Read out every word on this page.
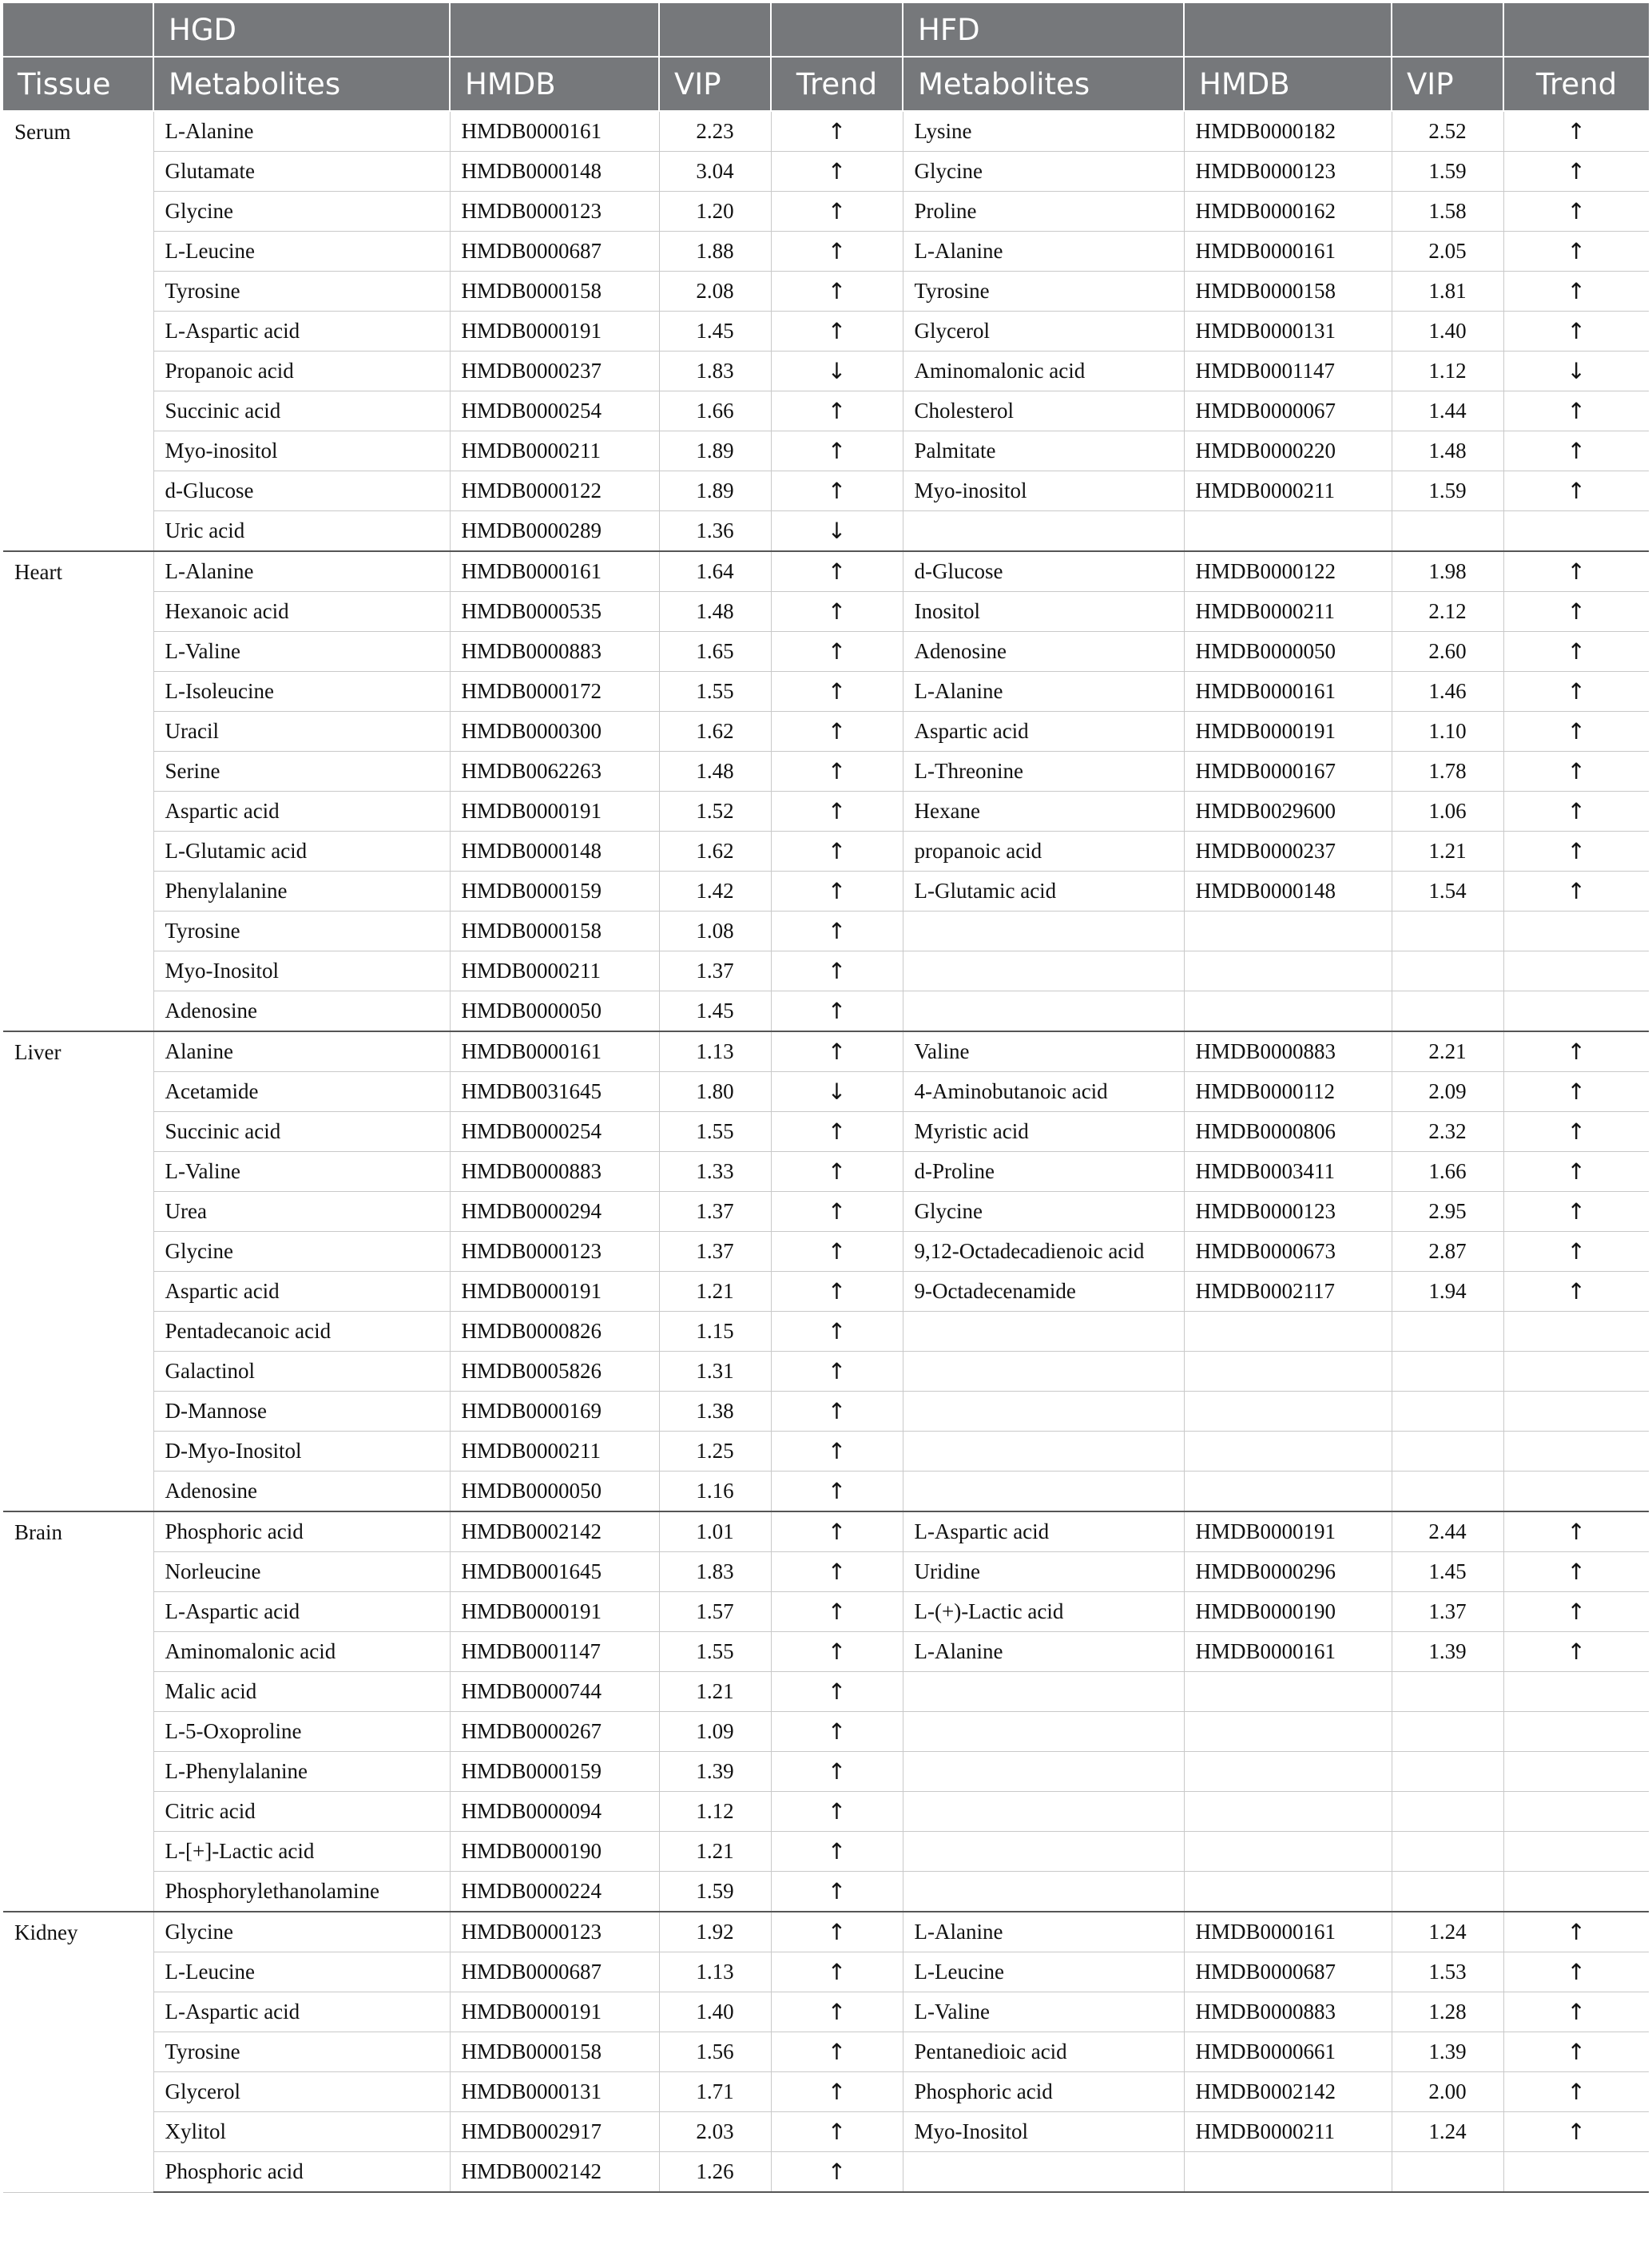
	HGD				HFD			
Tissue	Metabolites	HMDB	VIP	Trend	Metabolites	HMDB	VIP	Trend
Serum	L-Alanine	HMDB0000161	2.23	↑	Lysine	HMDB0000182	2.52	↑
	Glutamate	HMDB0000148	3.04	↑	Glycine	HMDB0000123	1.59	↑
	Glycine	HMDB0000123	1.20	↑	Proline	HMDB0000162	1.58	↑
	L-Leucine	HMDB0000687	1.88	↑	L-Alanine	HMDB0000161	2.05	↑
	Tyrosine	HMDB0000158	2.08	↑	Tyrosine	HMDB0000158	1.81	↑
	L-Aspartic acid	HMDB0000191	1.45	↑	Glycerol	HMDB0000131	1.40	↑
	Propanoic acid	HMDB0000237	1.83	↓	Aminomalonic acid	HMDB0001147	1.12	↓
	Succinic acid	HMDB0000254	1.66	↑	Cholesterol	HMDB0000067	1.44	↑
	Myo-inositol	HMDB0000211	1.89	↑	Palmitate	HMDB0000220	1.48	↑
	d-Glucose	HMDB0000122	1.89	↑	Myo-inositol	HMDB0000211	1.59	↑
	Uric acid	HMDB0000289	1.36	↓				
Heart	L-Alanine	HMDB0000161	1.64	↑	d-Glucose	HMDB0000122	1.98	↑
	Hexanoic acid	HMDB0000535	1.48	↑	Inositol	HMDB0000211	2.12	↑
	L-Valine	HMDB0000883	1.65	↑	Adenosine	HMDB0000050	2.60	↑
	L-Isoleucine	HMDB0000172	1.55	↑	L-Alanine	HMDB0000161	1.46	↑
	Uracil	HMDB0000300	1.62	↑	Aspartic acid	HMDB0000191	1.10	↑
	Serine	HMDB0062263	1.48	↑	L-Threonine	HMDB0000167	1.78	↑
	Aspartic acid	HMDB0000191	1.52	↑	Hexane	HMDB0029600	1.06	↑
	L-Glutamic acid	HMDB0000148	1.62	↑	propanoic acid	HMDB0000237	1.21	↑
	Phenylalanine	HMDB0000159	1.42	↑	L-Glutamic acid	HMDB0000148	1.54	↑
	Tyrosine	HMDB0000158	1.08	↑				
	Myo-Inositol	HMDB0000211	1.37	↑				
	Adenosine	HMDB0000050	1.45	↑				
Liver	Alanine	HMDB0000161	1.13	↑	Valine	HMDB0000883	2.21	↑
	Acetamide	HMDB0031645	1.80	↓	4-Aminobutanoic acid	HMDB0000112	2.09	↑
	Succinic acid	HMDB0000254	1.55	↑	Myristic acid	HMDB0000806	2.32	↑
	L-Valine	HMDB0000883	1.33	↑	d-Proline	HMDB0003411	1.66	↑
	Urea	HMDB0000294	1.37	↑	Glycine	HMDB0000123	2.95	↑
	Glycine	HMDB0000123	1.37	↑	9,12-Octadecadienoic acid	HMDB0000673	2.87	↑
	Aspartic acid	HMDB0000191	1.21	↑	9-Octadecenamide	HMDB0002117	1.94	↑
	Pentadecanoic acid	HMDB0000826	1.15	↑				
	Galactinol	HMDB0005826	1.31	↑				
	D-Mannose	HMDB0000169	1.38	↑				
	D-Myo-Inositol	HMDB0000211	1.25	↑				
	Adenosine	HMDB0000050	1.16	↑				
Brain	Phosphoric acid	HMDB0002142	1.01	↑	L-Aspartic acid	HMDB0000191	2.44	↑
	Norleucine	HMDB0001645	1.83	↑	Uridine	HMDB0000296	1.45	↑
	L-Aspartic acid	HMDB0000191	1.57	↑	L-(+)-Lactic acid	HMDB0000190	1.37	↑
	Aminomalonic acid	HMDB0001147	1.55	↑	L-Alanine	HMDB0000161	1.39	↑
	Malic acid	HMDB0000744	1.21	↑				
	L-5-Oxoproline	HMDB0000267	1.09	↑				
	L-Phenylalanine	HMDB0000159	1.39	↑				
	Citric acid	HMDB0000094	1.12	↑				
	L-[+]-Lactic acid	HMDB0000190	1.21	↑				
	Phosphorylethanolamine	HMDB0000224	1.59	↑				
Kidney	Glycine	HMDB0000123	1.92	↑	L-Alanine	HMDB0000161	1.24	↑
	L-Leucine	HMDB0000687	1.13	↑	L-Leucine	HMDB0000687	1.53	↑
	L-Aspartic acid	HMDB0000191	1.40	↑	L-Valine	HMDB0000883	1.28	↑
	Tyrosine	HMDB0000158	1.56	↑	Pentanedioic acid	HMDB0000661	1.39	↑
	Glycerol	HMDB0000131	1.71	↑	Phosphoric acid	HMDB0002142	2.00	↑
	Xylitol	HMDB0002917	2.03	↑	Myo-Inositol	HMDB0000211	1.24	↑
	Phosphoric acid	HMDB0002142	1.26	↑				
